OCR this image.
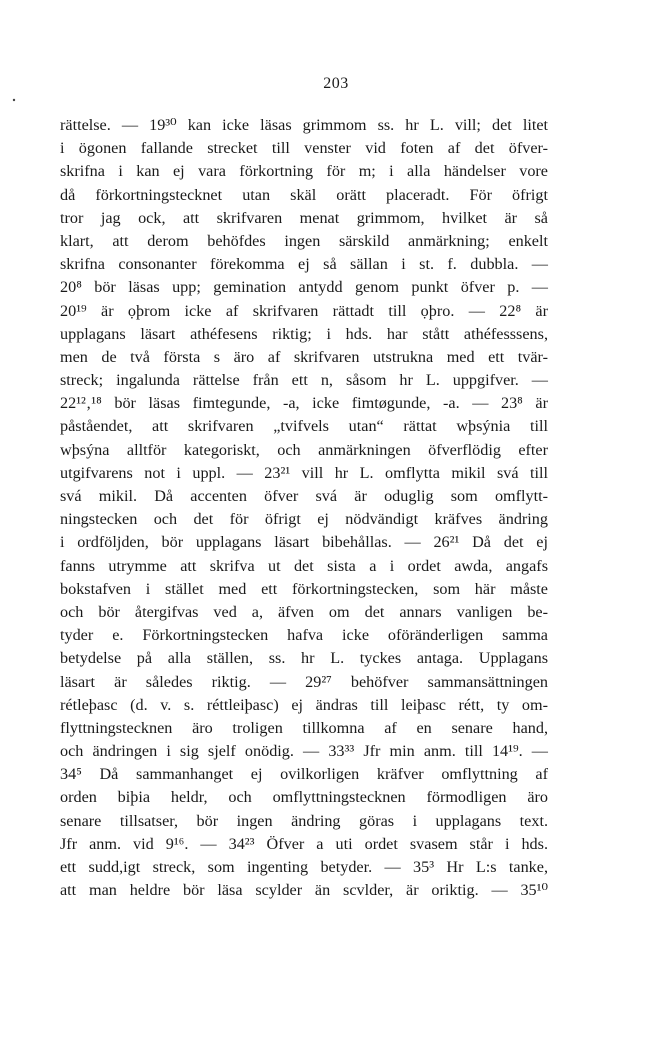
203
rättelse. — 19³⁰ kan icke läsas grimmom ss. hr L. vill; det litet
i ögonen fallande strecket till venster vid foten af det öfver-
skrifna i kan ej vara förkortning för m; i alla händelser vore
då förkortningstecknet utan skäl orätt placeradt. För öfrigt
tror jag ock, att skrifvaren menat grimmom, hvilket är så
klart, att derom behöfdes ingen särskild anmärkning; enkelt
skrifna consonanter förekomma ej så sällan i st. f. dubbla. —
20⁸ bör läsas upp; gemination antydd genom punkt öfver p. —
20¹⁹ är ọþrom icke af skrifvaren rättadt till ọþro. — 22⁸ är
upplagans läsart athéfesens riktig; i hds. har stått athéfesssens,
men de två första s äro af skrifvaren utstrukna med ett tvär-
streck; ingalunda rättelse från ett n, såsom hr L. uppgifver. —
22¹²‚¹⁸ bör läsas fimtegunde, -a, icke fimtøgunde, -a. — 23⁸ är
påståendet, att skrifvaren „tvifvels utan“ rättat wþsýnia till
wþsýna alltför kategoriskt, och anmärkningen öfverflödig efter
utgifvarens not i uppl. — 23²¹ vill hr L. omflytta mikil svá till
svá mikil. Då accenten öfver svá är oduglig som omflytt-
ningstecken och det för öfrigt ej nödvändigt kräfves ändring
i ordföljden, bör upplagans läsart bibehållas. — 26²¹ Då det ej
fanns utrymme att skrifva ut det sista a i ordet awda, angafs
bokstafven i stället med ett förkortningstecken, som här måste
och bör återgifvas ved a, äfven om det annars vanligen be-
tyder e. Förkortningstecken hafva icke oföränderligen samma
betydelse på alla ställen, ss. hr L. tyckes antaga. Upplagans
läsart är således riktig. — 29²⁷ behöfver sammansättningen
rétleþasc (d. v. s. réttleiþasc) ej ändras till leiþasc rétt, ty om-
flyttningstecknen äro troligen tillkomna af en senare hand,
och ändringen i sig sjelf onödig. — 33³³ Jfr min anm. till 14¹⁹. —
34⁵ Då sammanhanget ej ovilkorligen kräfver omflyttning af
orden biþia heldr, och omflyttningstecknen förmodligen äro
senare tillsatser, bör ingen ändring göras i upplagans text.
Jfr anm. vid 9¹⁶. — 34²³ Öfver a uti ordet svasem står i hds.
ett sudd,igt streck, som ingenting betyder. — 35³ Hr L:s tanke,
att man heldre bör läsa scylder än scvlder, är oriktig. — 35¹⁰
